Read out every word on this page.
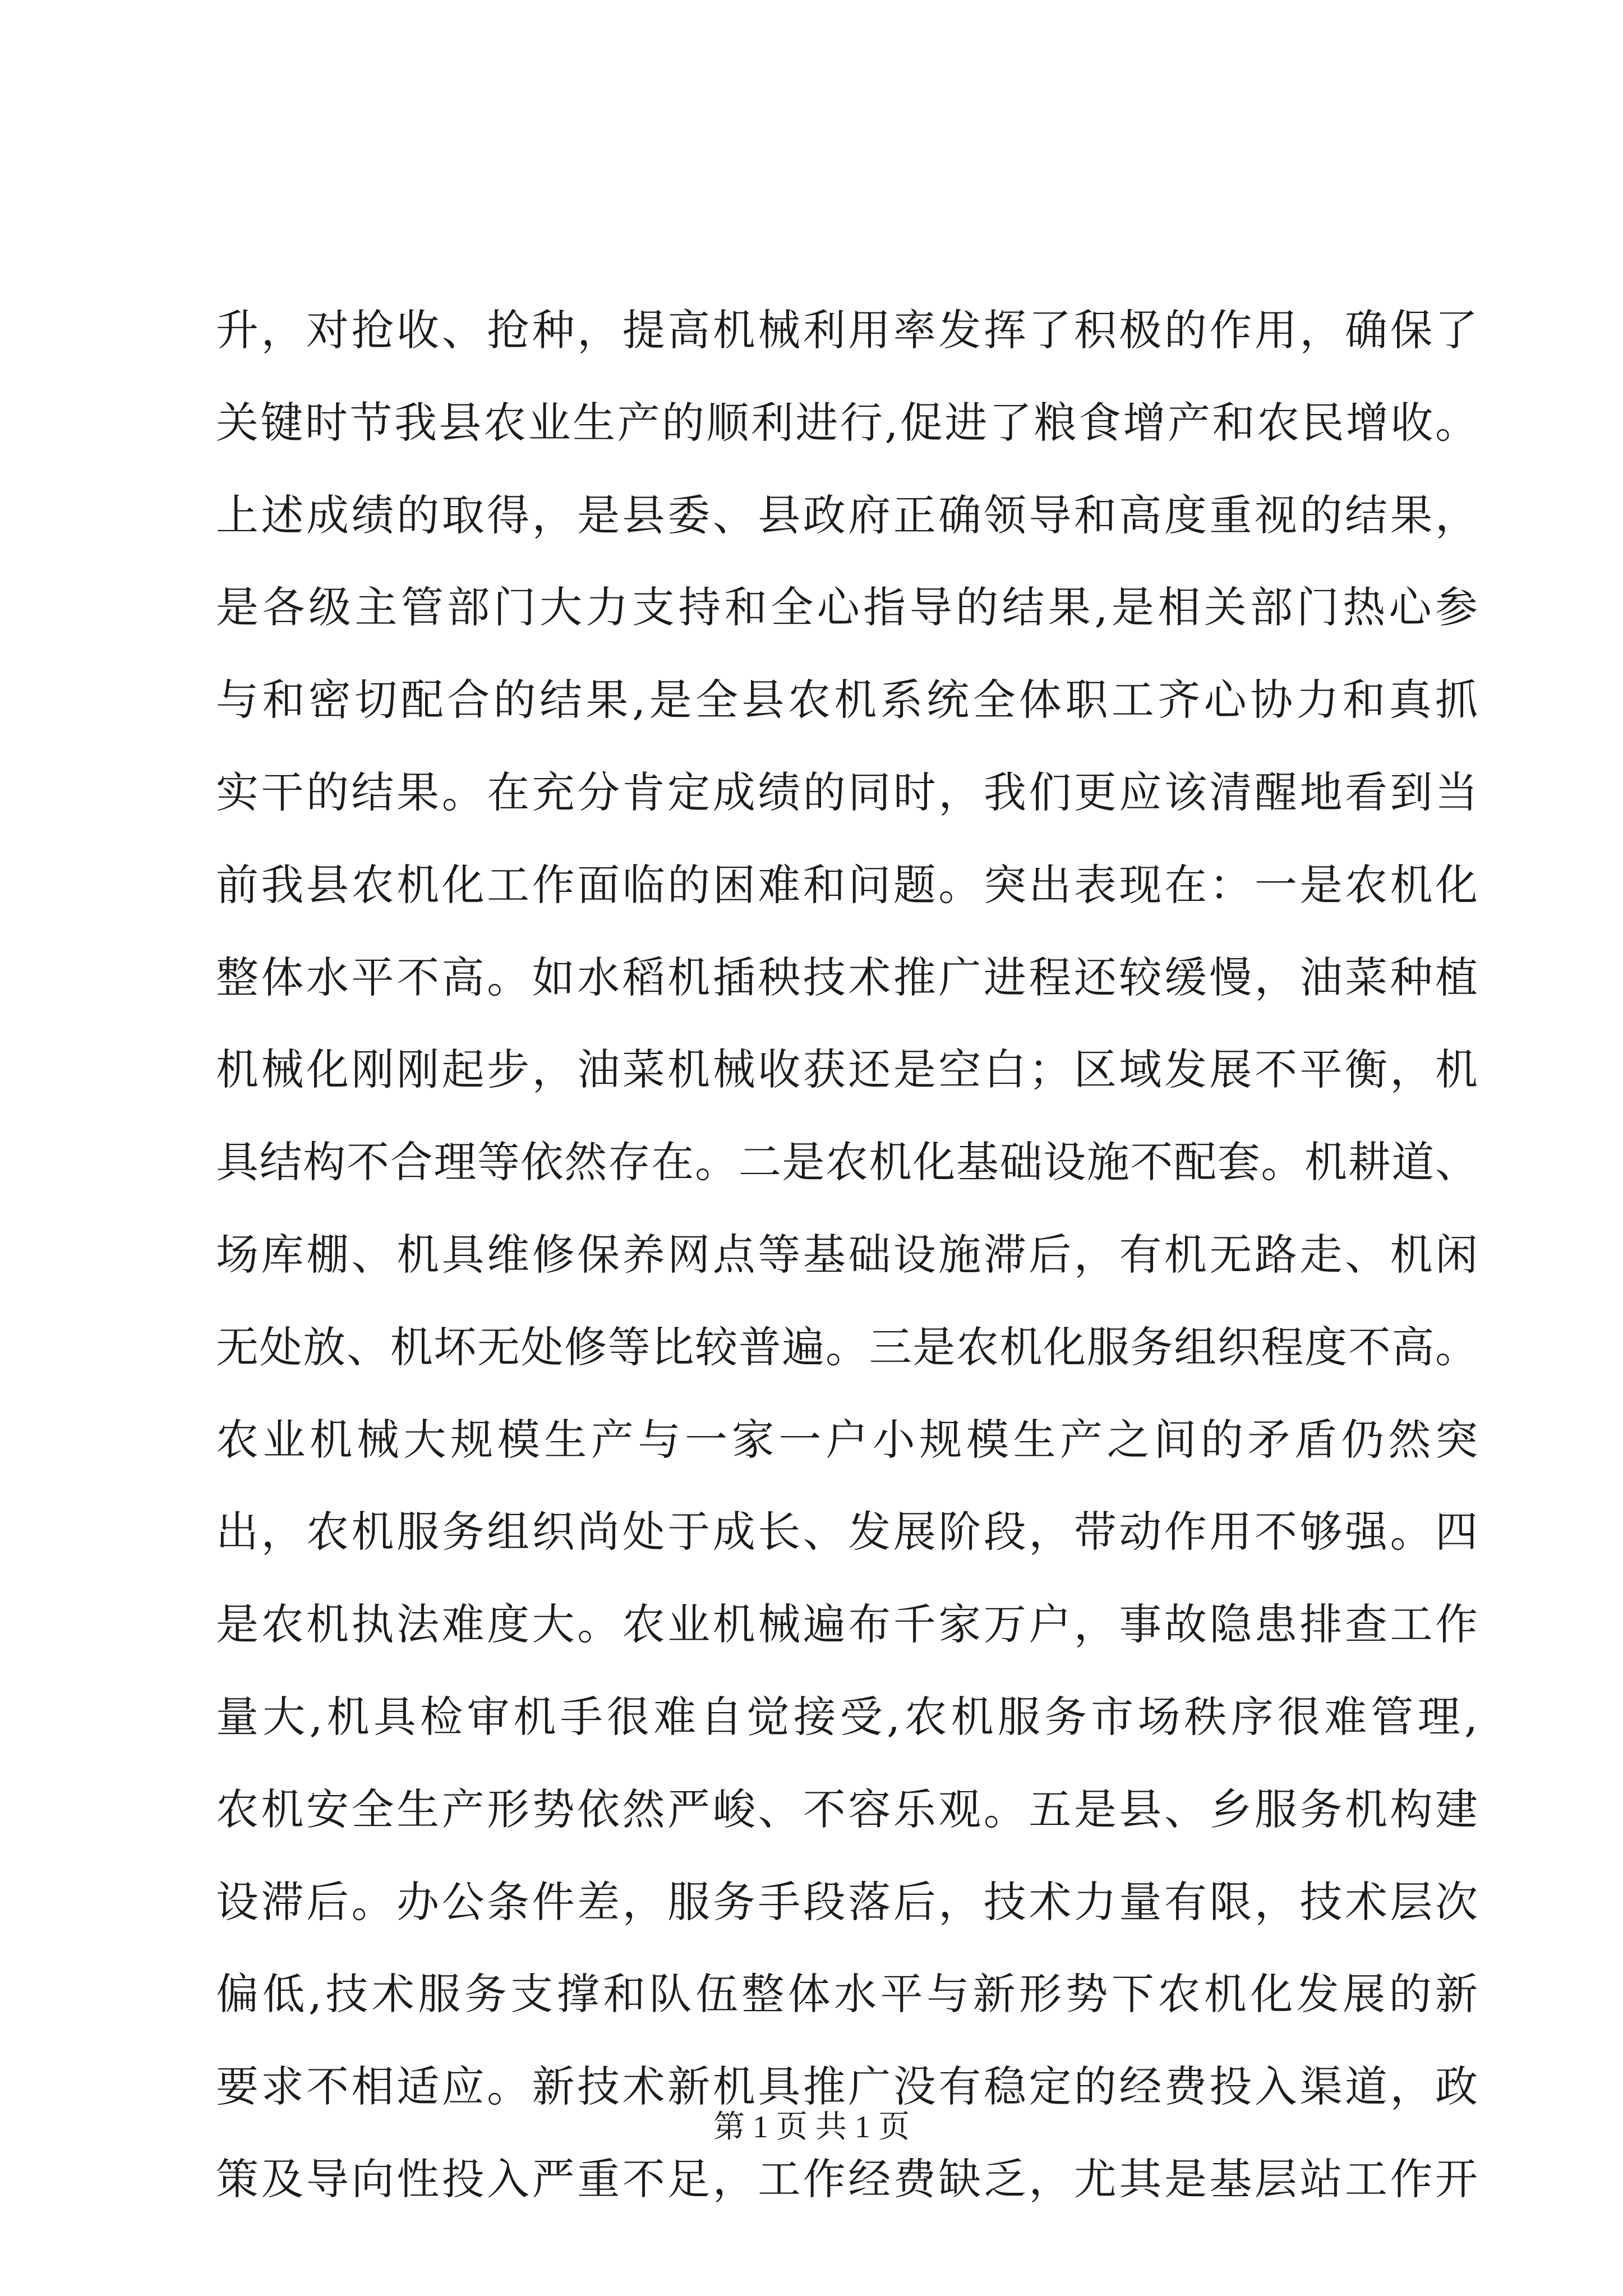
升，对抢收、抢种，提高机械利用率发挥了积极的作用，确保了
关键时节我县农业生产的顺利进行,促进了粮食增产和农民增收。
上述成绩的取得，是县委、县政府正确领导和高度重视的结果，
是各级主管部门大力支持和全心指导的结果,是相关部门热心参
与和密切配合的结果,是全县农机系统全体职工齐心协力和真抓
实干的结果。在充分肯定成绩的同时，我们更应该清醒地看到当
前我县农机化工作面临的困难和问题。突出表现在：一是农机化
整体水平不高。如水稻机插秧技术推广进程还较缓慢，油菜种植
机械化刚刚起步，油菜机械收获还是空白；区域发展不平衡，机
具结构不合理等依然存在。二是农机化基础设施不配套。机耕道、
场库棚、机具维修保养网点等基础设施滞后，有机无路走、机闲
无处放、机坏无处修等比较普遍。三是农机化服务组织程度不高。
农业机械大规模生产与一家一户小规模生产之间的矛盾仍然突
出，农机服务组织尚处于成长、发展阶段，带动作用不够强。四
是农机执法难度大。农业机械遍布千家万户，事故隐患排查工作
量大,机具检审机手很难自觉接受,农机服务市场秩序很难管理,
农机安全生产形势依然严峻、不容乐观。五是县、乡服务机构建
设滞后。办公条件差，服务手段落后，技术力量有限，技术层次
偏低,技术服务支撑和队伍整体水平与新形势下农机化发展的新
要求不相适应。新技术新机具推广没有稳定的经费投入渠道，政
策及导向性投入严重不足，工作经费缺乏，尤其是基层站工作开
第 1 页 共 1 页
